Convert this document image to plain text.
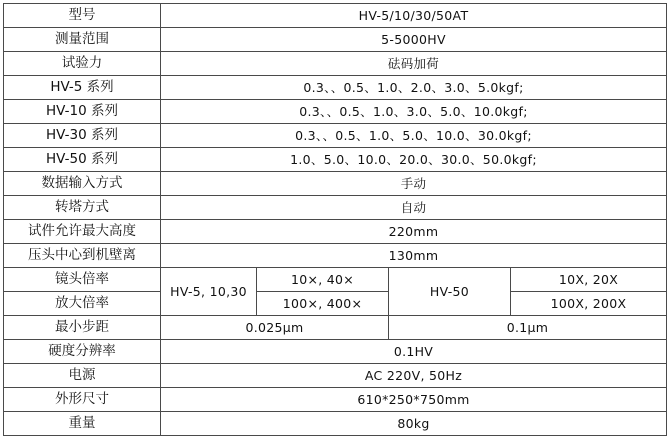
型号	HV-5/10/30/50AT			
测量范围	5-5000HV			
试验力	砝码加荷			
HV-5 系列	0.3、、0.5、1.0、2.0、3.0、5.0kgf;			
HV-10 系列	0.3、、0.5、1.0、3.0、5.0、10.0kgf;			
HV-30 系列	0.3、、0.5、1.0、5.0、10.0、30.0kgf;			
HV-50 系列	1.0、5.0、10.0、20.0、30.0、50.0kgf;			
数据输入方式	手动			
转塔方式	自动			
试件允许最大高度	220mm			
压头中心到机壁离	130mm			
镜头倍率	HV-5, 10,30	10×, 40×	HV-50	10X, 20X
放大倍率		100×, 400×		100X, 200X
最小步距	0.025μm		0.1μm	
硬度分辨率	0.1HV			
电源	AC 220V, 50Hz			
外形尺寸	610*250*750mm			
重量	80kg			
